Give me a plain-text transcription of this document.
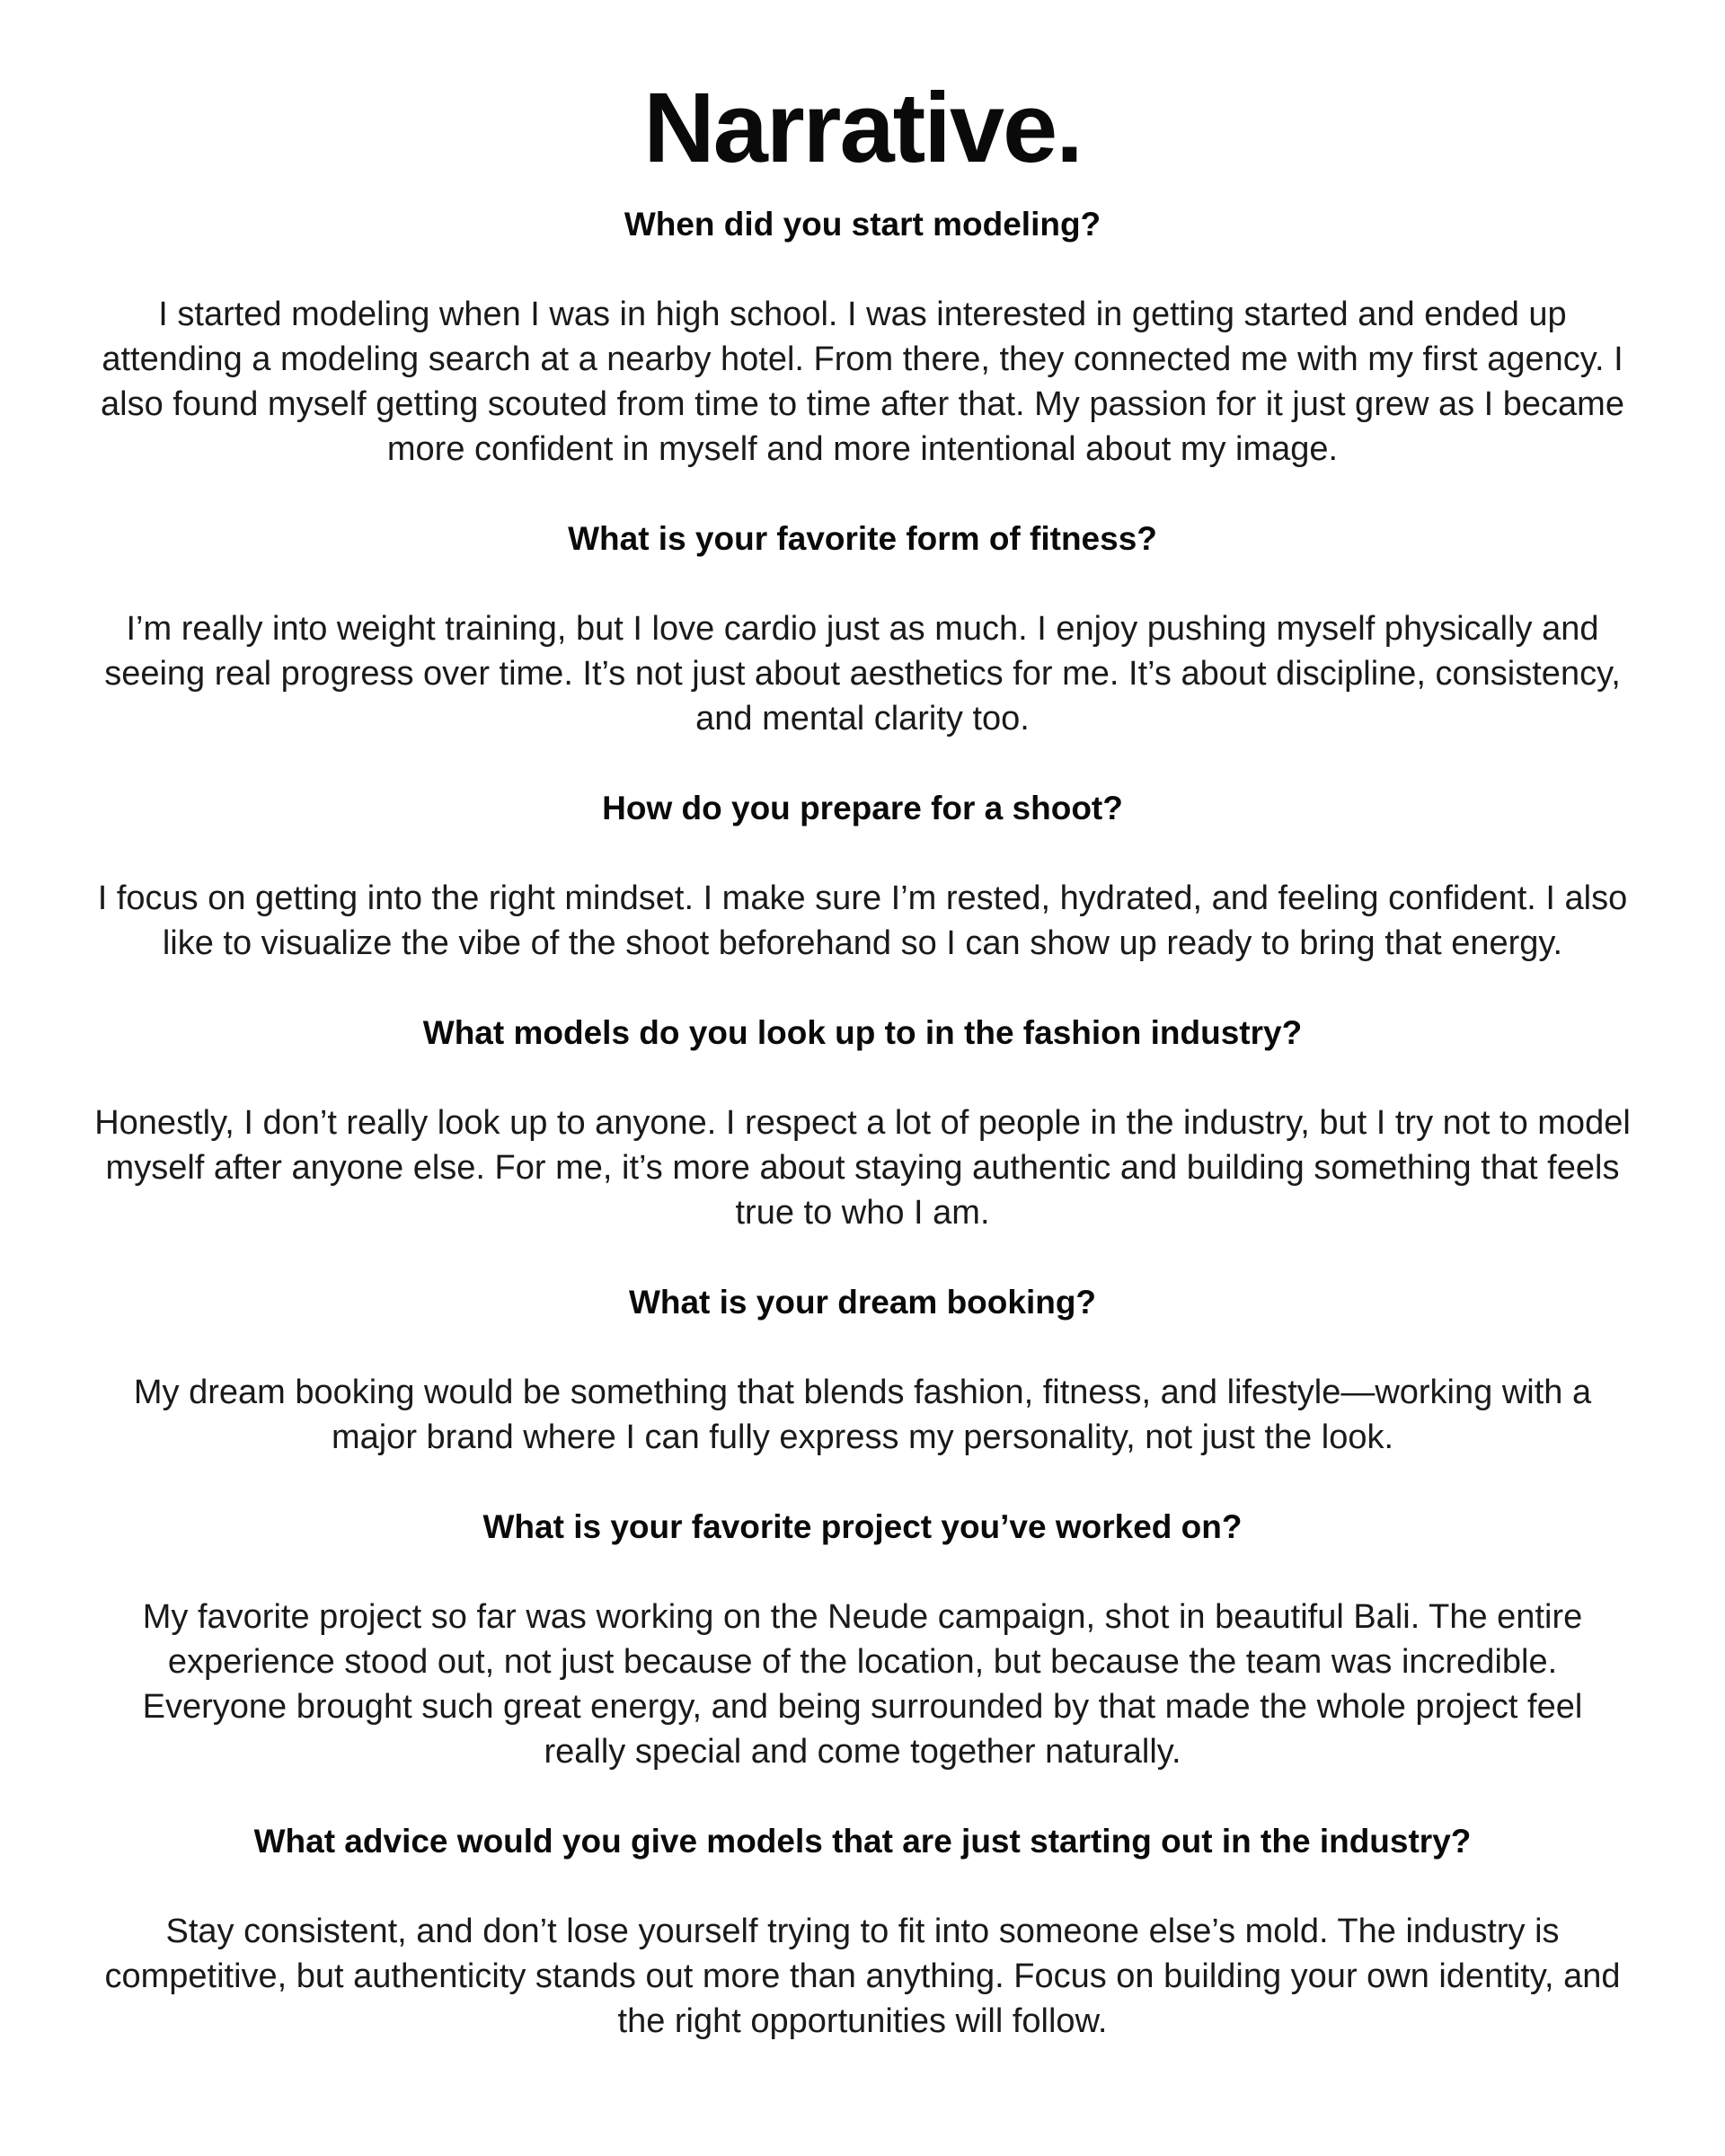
Narrative.

When did you start modeling?

I started modeling when I was in high school. I was interested in getting started and ended up attending a modeling search at a nearby hotel. From there, they connected me with my first agency. I also found myself getting scouted from time to time after that. My passion for it just grew as I became more confident in myself and more intentional about my image.

What is your favorite form of fitness?

I’m really into weight training, but I love cardio just as much. I enjoy pushing myself physically and seeing real progress over time. It’s not just about aesthetics for me. It’s about discipline, consistency, and mental clarity too.

How do you prepare for a shoot?

I focus on getting into the right mindset. I make sure I’m rested, hydrated, and feeling confident. I also like to visualize the vibe of the shoot beforehand so I can show up ready to bring that energy.

What models do you look up to in the fashion industry?

Honestly, I don’t really look up to anyone. I respect a lot of people in the industry, but I try not to model myself after anyone else. For me, it’s more about staying authentic and building something that feels true to who I am.

What is your dream booking?

My dream booking would be something that blends fashion, fitness, and lifestyle—working with a major brand where I can fully express my personality, not just the look.

What is your favorite project you’ve worked on?

My favorite project so far was working on the Neude campaign, shot in beautiful Bali. The entire experience stood out, not just because of the location, but because the team was incredible. Everyone brought such great energy, and being surrounded by that made the whole project feel really special and come together naturally.

What advice would you give models that are just starting out in the industry?

Stay consistent, and don’t lose yourself trying to fit into someone else’s mold. The industry is competitive, but authenticity stands out more than anything. Focus on building your own identity, and the right opportunities will follow.
